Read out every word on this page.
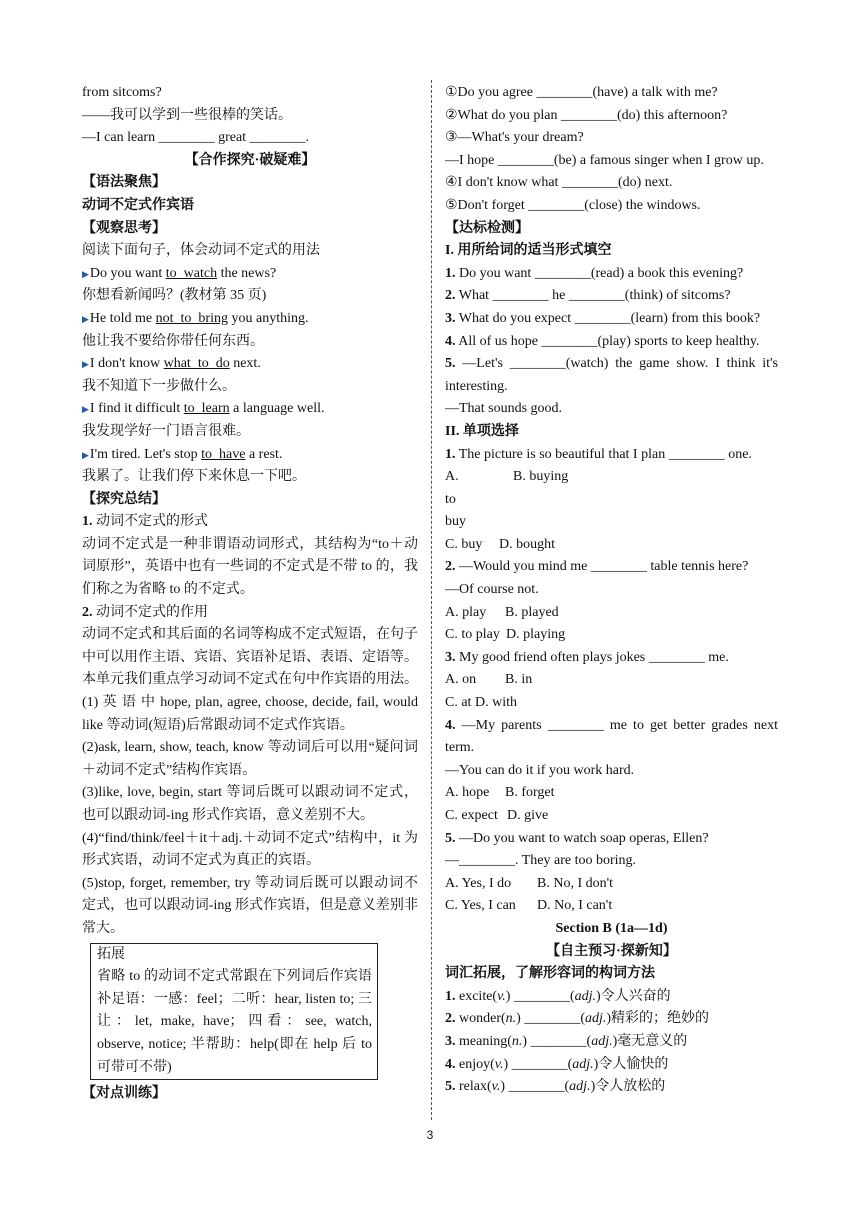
from sitcoms?
——我可以学到一些很棒的笑话。
—I can learn ________ great ________.
【合作探究·破疑难】
【语法聚焦】
动词不定式作宾语
【观察思考】
阅读下面句子，体会动词不定式的用法
▶Do you want to  watch the news?
你想看新闻吗？(教材第 35 页)
▶He told me not  to  bring you anything.
他让我不要给你带任何东西。
▶I don't know what  to  do next.
我不知道下一步做什么。
▶I find it difficult to  learn a language well.
我发现学好一门语言很难。
▶I'm tired. Let's stop to  have a rest.
我累了。让我们停下来休息一下吧。
【探究总结】
1. 动词不定式的形式
动词不定式是一种非谓语动词形式，其结构为“to＋动词原形”，英语中也有一些词的不定式是不带 to 的，我们称之为省略 to 的不定式。
2. 动词不定式的作用
动词不定式和其后面的名词等构成不定式短语，在句子中可以用作主语、宾语、宾语补足语、表语、定语等。本单元我们重点学习动词不定式在句中作宾语的用法。
(1) 英 语 中 hope, plan, agree, choose, decide, fail, would like 等动词(短语)后常跟动词不定式作宾语。
(2)ask, learn, show, teach, know 等动词后可以用“疑问词＋动词不定式”结构作宾语。
(3)like, love, begin, start 等词后既可以跟动词不定式，也可以跟动词-ing 形式作宾语，意义差别不大。
(4)“find/think/feel＋it＋adj.＋动词不定式”结构中，it 为形式宾语，动词不定式为真正的宾语。
(5)stop, forget, remember, try 等动词后既可以跟动词不定式，也可以跟动词-ing 形式作宾语，但是意义差别非常大。
拓展
省略 to 的动词不定式常跟在下列词后作宾语补足语：一感：feel；二听：hear, listen to; 三让：let, make, have；四看：see, watch, observe, notice; 半帮助：help(即在 help 后 to 可带可不带)
【对点训练】
①Do you agree ________(have) a talk with me?
②What do you plan ________(do) this afternoon?
③—What's your dream?
—I hope ________(be) a famous singer when I grow up.
④I don't know what ________(do) next.
⑤Don't forget ________(close) the windows.
【达标检测】
I. 用所给词的适当形式填空
1. Do you want ________(read) a book this evening?
2. What ________ he ________(think) of sitcoms?
3. What do you expect ________(learn) from this book?
4. All of us hope ________(play) sports to keep healthy.
5. —Let's ________(watch) the game show. I think it's interesting.
—That sounds good.
II. 单项选择
1. The picture is so beautiful that I plan ________ one.
A. to buy
B. buying
C. buy	D. bought
2. —Would you mind me ________ table tennis here?
—Of course not.
A. play	B. played
C. to play D. playing
3. My good friend often plays jokes ________ me.
A. on	B. in
C. at D. with
4. —My parents ________ me to get better grades next term.
—You can do it if you work hard.
A. hope	B. forget
C. expect D. give
5. —Do you want to watch soap operas, Ellen?
—________. They are too boring.
A. Yes, I do	B. No, I don't
C. Yes, I can	D. No, I can't
Section B (1a—1d)
【自主预习·探新知】
词汇拓展，了解形容词的构词方法
1. excite(v.) ________(adj.)令人兴奋的
2. wonder(n.) ________(adj.)精彩的；绝妙的
3. meaning(n.) ________(adj.)毫无意义的
4. enjoy(v.) ________(adj.)令人愉快的
5. relax(v.) ________(adj.)令人放松的
3
